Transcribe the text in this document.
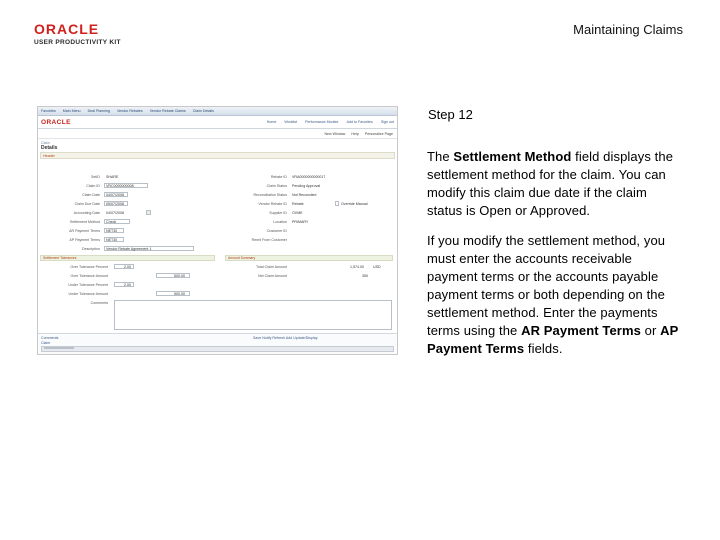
ORACLE
USER PRODUCTIVITY KIT
Maintaining Claims
Favorites Main Menu Deal Planning Vendor Rebates Vendor Rebate Claims Claim Details
ORACLE	Home Worklist Performance Monitor Add to Favorites Sign out
New Window Help Personalize Page
Claim
Details
Header
SetID SHARE
Claim ID VRC0000000008
Claim Date 04/07/2008
Claim Due Date 05/07/2008
Accounting Date 04/07/2008
Settlement Method Check
AR Payment Terms NET30
AP Payment Terms NET30
Description Vendor Rebate Agreement 1
Rebate ID VRA0000000000017
Claim Status Pending Approval
Reconciliation Status Not Reconciled
Vendor Rebate ID Rebate	Override Manual
Supplier ID OVME
Location PRIMARY
Customer ID
Remit From Customer
Settlement Tolerances	Amount Summary
Over Tolerance Percent	2.00
Over Tolerance Amount	500.00
Under Tolerance Percent	2.00
Under Tolerance Amount	500.00
Comments
Total Claim Amount	1,574.00	USD
Net Claim Amount	350
Comments
Claim
Save Notify Refresh Add Update/Display
Step 12
The Settlement Method field displays the settlement method for the claim. You can modify this claim due date if the claim status is Open or Approved.
If you modify the settlement method, you must enter the accounts receivable payment terms or the accounts payable payment terms or both depending on the settlement method. Enter the payments terms using the AR Payment Terms or AP Payment Terms fields.
